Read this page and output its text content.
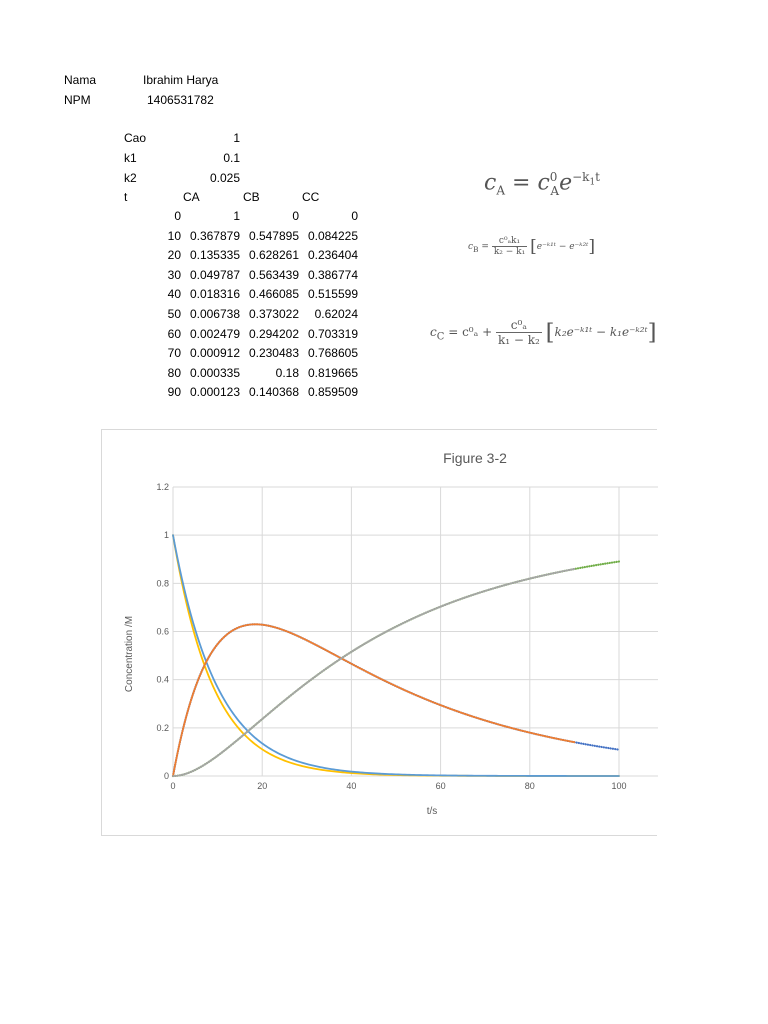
Nama	Ibrahim Harya
NPM	1406531782
Cao	1
k1	0.1
k2	0.025
t	CA	CB	CC
0	1	0	0
10 0.367879 0.547895 0.084225
20 0.135335 0.628261 0.236404
30 0.049787 0.563439 0.386774
40 0.018316 0.466085 0.515599
50 0.006738 0.373022	0.62024
60 0.002479 0.294202 0.703319
70 0.000912 0.230483 0.768605
80 0.000335	0.18 0.819665
90 0.000123 0.140368 0.859509
$c_A = c^0_Ae^{-k_1t}$
$c_B = \frac{\text{c⁰ₐk₁}}{\text{k₂ − k₁}}$ [e⁻ᵏ¹ᵗ − e⁻ᵏ²ᵗ]
$c_C = c^0_a + \frac{\text{c⁰ₐ}}{\text{k₁ − k₂}}$ [k₂e⁻ᵏ¹ᵗ − k₁e⁻ᵏ²ᵗ]
0
0.2
0.4
0.6
0.8
1
1.2
0	20	40	60	80	100
Figure 3-2
t/s
Concentration /M
